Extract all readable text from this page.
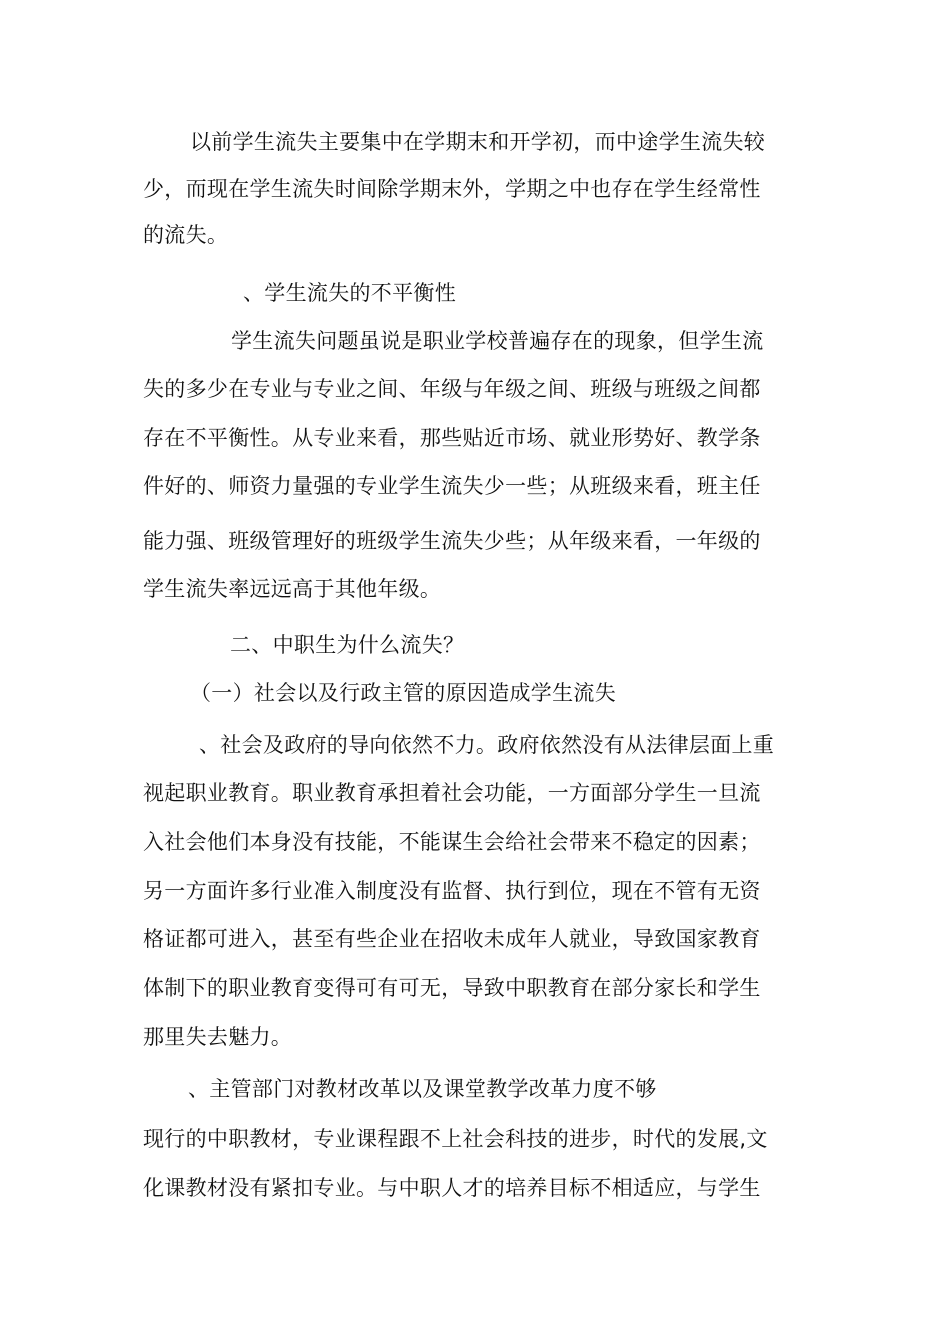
以前学生流失主要集中在学期末和开学初，而中途学生流失较
少，而现在学生流失时间除学期末外，学期之中也存在学生经常性
的流失。
、学生流失的不平衡性
学生流失问题虽说是职业学校普遍存在的现象，但学生流
失的多少在专业与专业之间、年级与年级之间、班级与班级之间都
存在不平衡性。从专业来看，那些贴近市场、就业形势好、教学条
件好的、师资力量强的专业学生流失少一些；从班级来看，班主任
能力强、班级管理好的班级学生流失少些；从年级来看，一年级的
学生流失率远远高于其他年级。
二、中职生为什么流失？
（一）社会以及行政主管的原因造成学生流失
、社会及政府的导向依然不力。政府依然没有从法律层面上重
视起职业教育。职业教育承担着社会功能，一方面部分学生一旦流
入社会他们本身没有技能，不能谋生会给社会带来不稳定的因素；
另一方面许多行业准入制度没有监督、执行到位，现在不管有无资
格证都可进入，甚至有些企业在招收未成年人就业，导致国家教育
体制下的职业教育变得可有可无，导致中职教育在部分家长和学生
那里失去魅力。
、主管部门对教材改革以及课堂教学改革力度不够
现行的中职教材，专业课程跟不上社会科技的进步，时代的发展,文
化课教材没有紧扣专业。与中职人才的培养目标不相适应，与学生
